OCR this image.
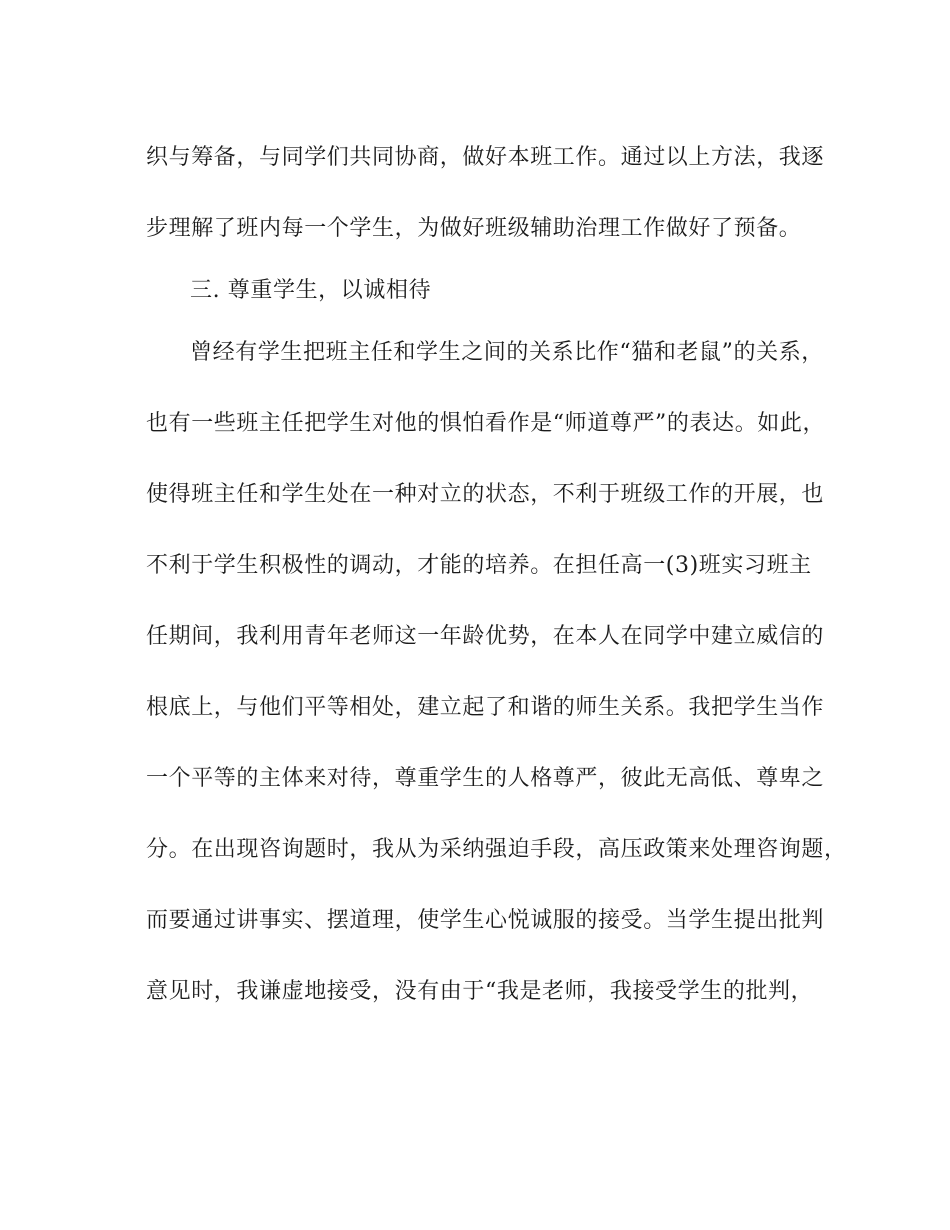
织与筹备，与同学们共同协商，做好本班工作。通过以上方法，我逐
步理解了班内每一个学生，为做好班级辅助治理工作做好了预备。
三. 尊重学生，以诚相待
曾经有学生把班主任和学生之间的关系比作“猫和老鼠”的关系，
也有一些班主任把学生对他的惧怕看作是“师道尊严”的表达。如此，
使得班主任和学生处在一种对立的状态，不利于班级工作的开展，也
不利于学生积极性的调动，才能的培养。在担任高一(3)班实习班主
任期间，我利用青年老师这一年龄优势，在本人在同学中建立威信的
根底上，与他们平等相处，建立起了和谐的师生关系。我把学生当作
一个平等的主体来对待，尊重学生的人格尊严，彼此无高低、尊卑之
分。在出现咨询题时，我从为采纳强迫手段，高压政策来处理咨询题，
而要通过讲事实、摆道理，使学生心悦诚服的接受。当学生提出批判
意见时，我谦虚地接受，没有由于“我是老师，我接受学生的批判，
